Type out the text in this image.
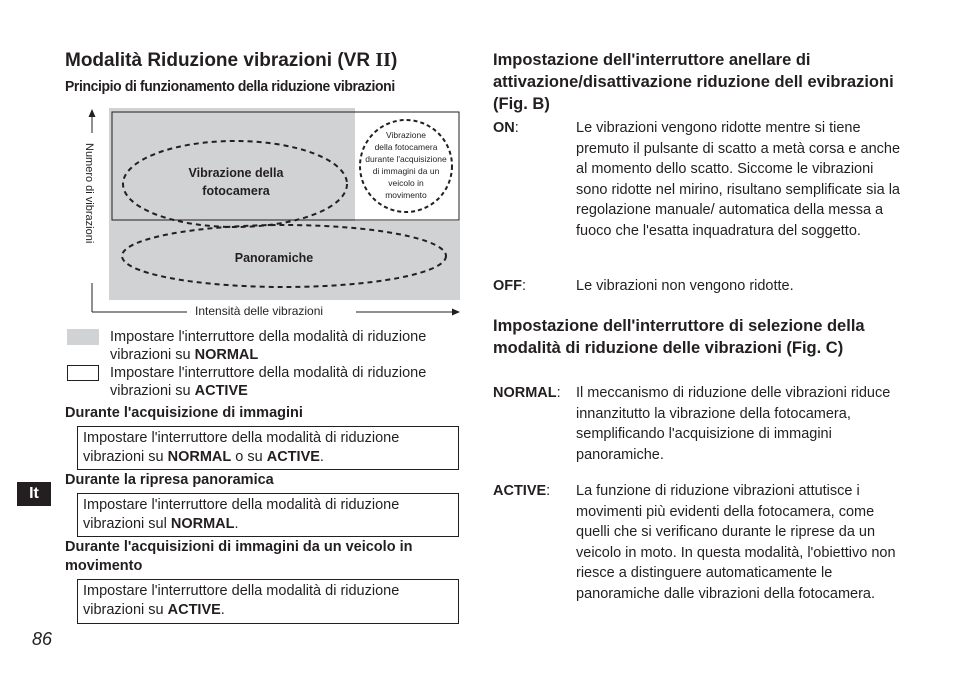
Modalità Riduzione vibrazioni (VR II)
Principio di funzionamento della riduzione vibrazioni
Numero di vibrazioni
Intensità delle vibrazioni
Vibrazione della
fotocamera
Panoramiche
Vibrazione
della fotocamera
durante l'acquisizione
di immagini da un
veicolo in
movimento
Impostare l'interruttore della modalità di riduzione vibrazioni su NORMAL
Impostare l'interruttore della modalità di riduzione vibrazioni su ACTIVE
Durante l'acquisizione di immagini
Impostare l'interruttore della modalità di riduzione vibrazioni su NORMAL o su ACTIVE.
Durante la ripresa panoramica
Impostare l'interruttore della modalità di riduzione vibrazioni sul NORMAL.
Durante l'acquisizioni di immagini da un veicolo in movimento
Impostare l'interruttore della modalità di riduzione vibrazioni su ACTIVE.
It
86
Impostazione dell'interruttore anellare di attivazione/disattivazione riduzione dell evibrazioni (Fig. B)
ON:	Le vibrazioni vengono ridotte mentre si tiene premuto il pulsante di scatto a metà corsa e anche al momento dello scatto. Siccome le vibrazioni sono ridotte nel mirino, risultano semplificate sia la regolazione manuale/ automatica della messa a fuoco che l'esatta inquadratura del soggetto.
OFF:	Le vibrazioni non vengono ridotte.
Impostazione dell'interruttore di selezione della modalità di riduzione delle vibrazioni (Fig. C)
NORMAL: Il meccanismo di riduzione delle vibrazioni riduce innanzitutto la vibrazione della fotocamera, semplificando l'acquisizione di immagini panoramiche.
ACTIVE: La funzione di riduzione vibrazioni attutisce i movimenti più evidenti della fotocamera, come quelli che si verificano durante le riprese da un veicolo in moto. In questa modalità, l'obiettivo non riesce a distinguere automaticamente le panoramiche dalle vibrazioni della fotocamera.
